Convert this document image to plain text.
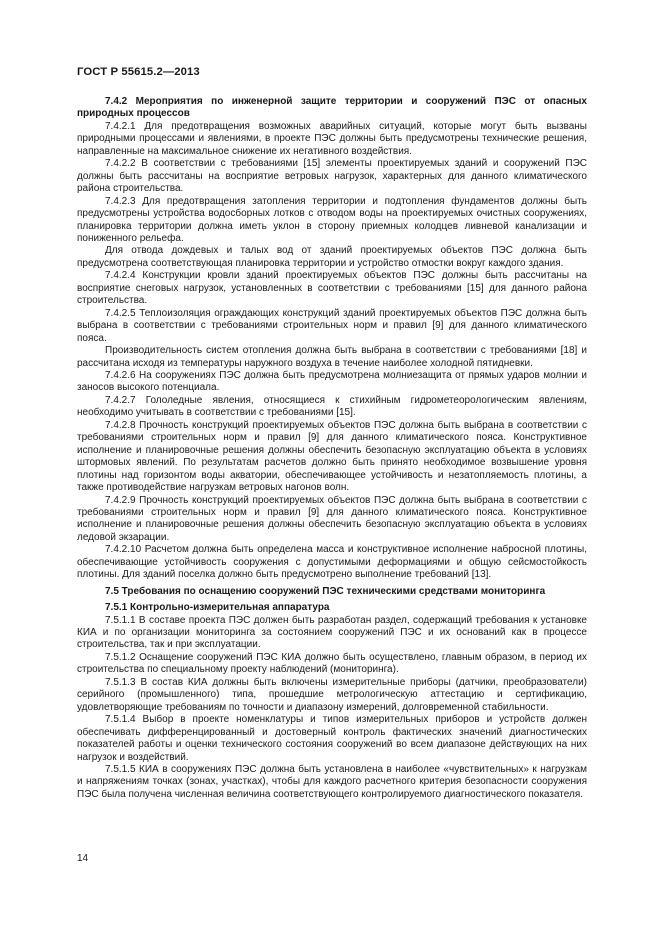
ГОСТ Р 55615.2—2013

7.4.2 Мероприятия по инженерной защите территории и сооружений ПЭС от опасных природных процессов

7.4.2.1 Для предотвращения возможных аварийных ситуаций, которые могут быть вызваны природными процессами и явлениями, в проекте ПЭС должны быть предусмотрены технические решения, направленные на максимальное снижение их негативного воздействия.

7.4.2.2 В соответствии с требованиями [15] элементы проектируемых зданий и сооружений ПЭС должны быть рассчитаны на восприятие ветровых нагрузок, характерных для данного климатического района строительства.

7.4.2.3 Для предотвращения затопления территории и подтопления фундаментов должны быть предусмотрены устройства водосборных лотков с отводом воды на проектируемых очистных сооружениях, планировка территории должна иметь уклон в сторону приемных колодцев ливневой канализации и пониженного рельефа.

Для отвода дождевых и талых вод от зданий проектируемых объектов ПЭС должна быть предусмотрена соответствующая планировка территории и устройство отмостки вокруг каждого здания.

7.4.2.4 Конструкции кровли зданий проектируемых объектов ПЭС должны быть рассчитаны на восприятие снеговых нагрузок, установленных в соответствии с требованиями [15] для данного района строительства.

7.4.2.5 Теплоизоляция ограждающих конструкций зданий проектируемых объектов ПЭС должна быть выбрана в соответствии с требованиями строительных норм и правил [9] для данного климатического пояса.

Производительность систем отопления должна быть выбрана в соответствии с требованиями [18] и рассчитана исходя из температуры наружного воздуха в течение наиболее холодной пятидневки.

7.4.2.6 На сооружениях ПЭС должна быть предусмотрена молниезащита от прямых ударов молнии и заносов высокого потенциала.

7.4.2.7 Гололедные явления, относящиеся к стихийным гидрометеорологическим явлениям, необходимо учитывать в соответствии с требованиями [15].

7.4.2.8 Прочность конструкций проектируемых объектов ПЭС должна быть выбрана в соответствии с требованиями строительных норм и правил [9] для данного климатического пояса. Конструктивное исполнение и планировочные решения должны обеспечить безопасную эксплуатацию объекта в условиях штормовых явлений. По результатам расчетов должно быть принято необходимое возвышение уровня плотины над горизонтом воды акватории, обеспечивающее устойчивость и незатопляемость плотины, а также противодействие нагрузкам ветровых нагонов волн.

7.4.2.9 Прочность конструкций проектируемых объектов ПЭС должна быть выбрана в соответствии с требованиями строительных норм и правил [9] для данного климатического пояса. Конструктивное исполнение и планировочные решения должны обеспечить безопасную эксплуатацию объекта в условиях ледовой экзарации.

7.4.2.10 Расчетом должна быть определена масса и конструктивное исполнение набросной плотины, обеспечивающие устойчивость сооружения с допустимыми деформациями и общую сейсмостойкость плотины. Для зданий поселка должно быть предусмотрено выполнение требований [13].

7.5 Требования по оснащению сооружений ПЭС техническими средствами мониторинга

7.5.1 Контрольно-измерительная аппаратура

7.5.1.1 В составе проекта ПЭС должен быть разработан раздел, содержащий требования к установке КИА и по организации мониторинга за состоянием сооружений ПЭС и их оснований как в процессе строительства, так и при эксплуатации.

7.5.1.2 Оснащение сооружений ПЭС КИА должно быть осуществлено, главным образом, в период их строительства по специальному проекту наблюдений (мониторинга).

7.5.1.3 В состав КИА должны быть включены измерительные приборы (датчики, преобразователи) серийного (промышленного) типа, прошедшие метрологическую аттестацию и сертификацию, удовлетворяющие требованиям по точности и диапазону измерений, долговременной стабильности.

7.5.1.4 Выбор в проекте номенклатуры и типов измерительных приборов и устройств должен обеспечивать дифференцированный и достоверный контроль фактических значений диагностических показателей работы и оценки технического состояния сооружений во всем диапазоне действующих на них нагрузок и воздействий.

7.5.1.5 КИА в сооружениях ПЭС должна быть установлена в наиболее «чувствительных» к нагрузкам и напряжениям точках (зонах, участках), чтобы для каждого расчетного критерия безопасности сооружения ПЭС была получена численная величина соответствующего контролируемого диагностического показателя.

14
